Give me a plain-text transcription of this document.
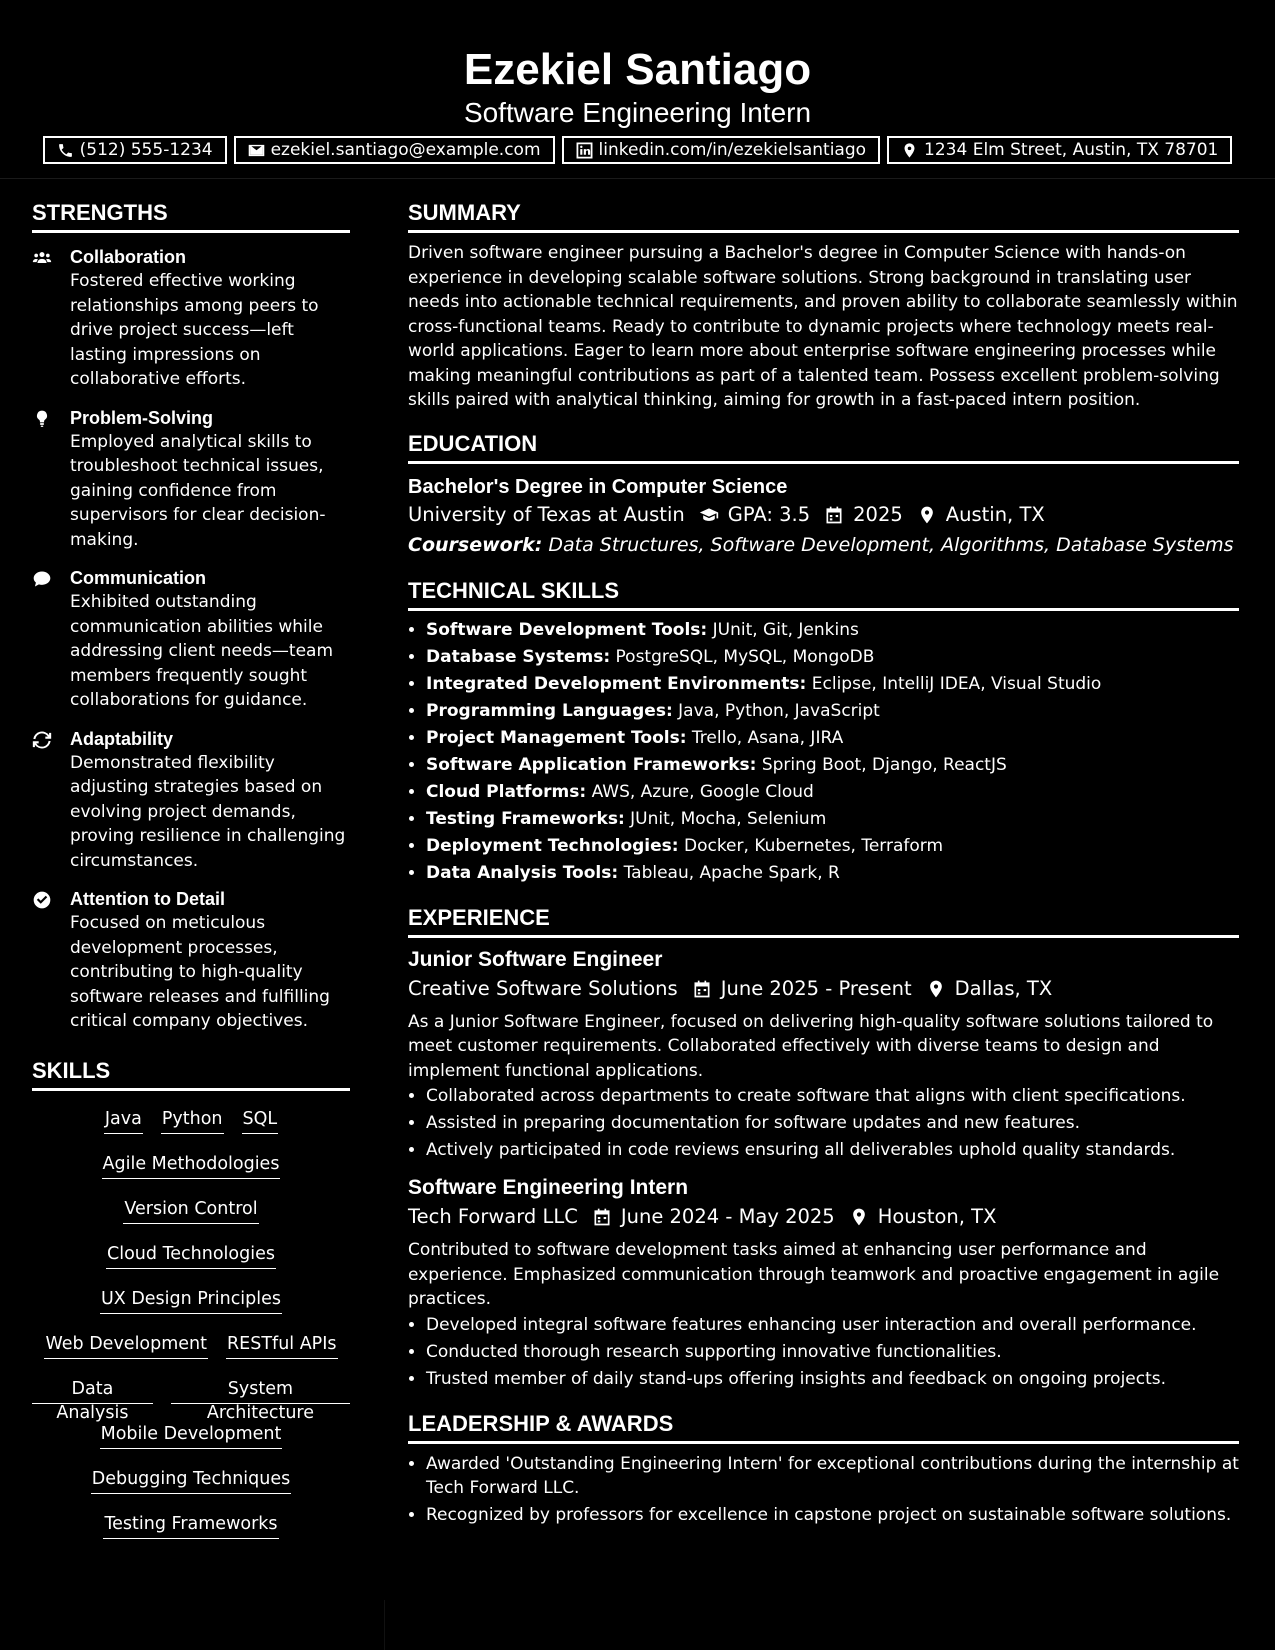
Ezekiel Santiago
Software Engineering Intern
(512) 555-1234	ezekiel.santiago@example.com	linkedin.com/in/ezekielsantiago	1234 Elm Street, Austin, TX 78701
STRENGTHS
Collaboration

Fostered effective working relationships among peers to drive project success—left lasting impressions on collaborative efforts.

Problem-Solving

Employed analytical skills to troubleshoot technical issues, gaining confidence from supervisors for clear decision-making.

Communication

Exhibited outstanding communication abilities while addressing client needs—team members frequently sought collaborations for guidance.

Adaptability

Demonstrated flexibility adjusting strategies based on evolving project demands, proving resilience in challenging circumstances.

Attention to Detail

Focused on meticulous development processes, contributing to high-quality software releases and fulfilling critical company objectives.

SKILLS
Java Python SQL
Agile Methodologies
Version Control
Cloud Technologies
UX Design Principles
Web Development RESTful APIs
Data Analysis
System Architecture
Mobile Development
Debugging Techniques
Testing Frameworks
SUMMARY

Driven software engineer pursuing a Bachelor's degree in Computer Science with hands-on experience in developing scalable software solutions. Strong background in translating user needs into actionable technical requirements, and proven ability to collaborate seamlessly within cross-functional teams. Ready to contribute to dynamic projects where technology meets real-world applications. Eager to learn more about enterprise software engineering processes while making meaningful contributions as part of a talented team. Possess excellent problem-solving skills paired with analytical thinking, aiming for growth in a fast-paced intern position.

EDUCATION
Bachelor's Degree in Computer Science
University of Texas at Austin GPA: 3.5 2025 Austin, TX
Coursework: Data Structures, Software Development, Algorithms, Database Systems
TECHNICAL SKILLS
• Software Development Tools: JUnit, Git, Jenkins
• Database Systems: PostgreSQL, MySQL, MongoDB
• Integrated Development Environments: Eclipse, IntelliJ IDEA, Visual Studio
• Programming Languages: Java, Python, JavaScript
• Project Management Tools: Trello, Asana, JIRA
• Software Application Frameworks: Spring Boot, Django, ReactJS
• Cloud Platforms: AWS, Azure, Google Cloud
• Testing Frameworks: JUnit, Mocha, Selenium
• Deployment Technologies: Docker, Kubernetes, Terraform
• Data Analysis Tools: Tableau, Apache Spark, R
EXPERIENCE
Junior Software Engineer
Creative Software Solutions June 2025 - Present Dallas, TX

As a Junior Software Engineer, focused on delivering high-quality software solutions tailored to meet customer requirements. Collaborated effectively with diverse teams to design and implement functional applications.

• Collaborated across departments to create software that aligns with client specifications.
• Assisted in preparing documentation for software updates and new features.
• Actively participated in code reviews ensuring all deliverables uphold quality standards.
Software Engineering Intern
Tech Forward LLC June 2024 - May 2025 Houston, TX

Contributed to software development tasks aimed at enhancing user performance and experience. Emphasized communication through teamwork and proactive engagement in agile practices.

• Developed integral software features enhancing user interaction and overall performance.
• Conducted thorough research supporting innovative functionalities.
• Trusted member of daily stand-ups offering insights and feedback on ongoing projects.
LEADERSHIP & AWARDS
• Awarded 'Outstanding Engineering Intern' for exceptional contributions during the internship at Tech Forward LLC.
• Recognized by professors for excellence in capstone project on sustainable software solutions.
